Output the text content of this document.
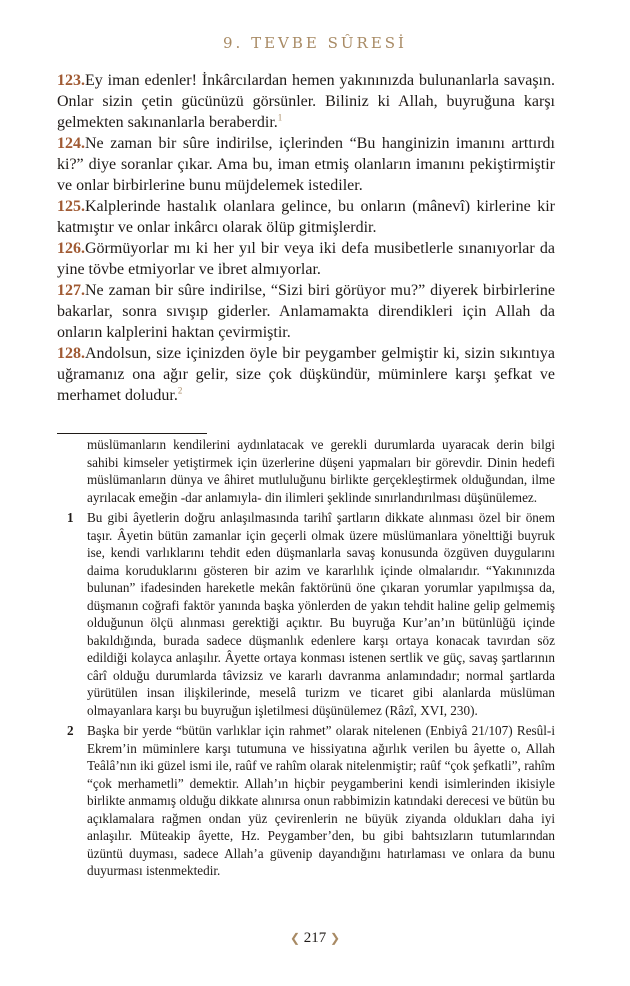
9. TEVBE SÛRESİ

123.Ey iman edenler! İnkârcılardan hemen yakınınızda bulunanlarla savaşın. Onlar sizin çetin gücünüzü görsünler. Biliniz ki Allah, buyruğuna karşı gelmekten sakınanlarla beraberdir.$^1$

124.Ne zaman bir sûre indirilse, içlerinden “Bu hanginizin imanını arttırdı ki?” diye soranlar çıkar. Ama bu, iman etmiş olanların imanını pekiştirmiştir ve onlar birbirlerine bunu müjdelemek istediler.

125.Kalplerinde hastalık olanlara gelince, bu onların (mânevî) kirlerine kir katmıştır ve onlar inkârcı olarak ölüp gitmişlerdir.

126.Görmüyorlar mı ki her yıl bir veya iki defa musibetlerle sınanıyorlar da yine tövbe etmiyorlar ve ibret almıyorlar.

127.Ne zaman bir sûre indirilse, “Sizi biri görüyor mu?” diyerek birbirlerine bakarlar, sonra sıvışıp giderler. Anlamamakta direndikleri için Allah da onların kalplerini haktan çevirmiştir.

128.Andolsun, size içinizden öyle bir peygamber gelmiştir ki, sizin sıkıntıya uğramanız ona ağır gelir, size çok düşkündür, müminlere karşı şefkat ve merhamet doludur.$^2$

müslümanların kendilerini aydınlatacak ve gerekli durumlarda uyaracak derin bilgi sahibi kimseler yetiştirmek için üzerlerine düşeni yapmaları bir görevdir. Dinin hedefi müslümanların dünya ve âhiret mutluluğunu birlikte gerçekleştirmek olduğundan, ilme ayrılacak emeğin -dar anlamıyla- din ilimleri şeklinde sınırlandırılması düşünülemez.

1 Bu gibi âyetlerin doğru anlaşılmasında tarihî şartların dikkate alınması özel bir önem taşır. Âyetin bütün zamanlar için geçerli olmak üzere müslümanlara yönelttiği buyruk ise, kendi varlıklarını tehdit eden düşmanlarla savaş konusunda özgüven duygularını daima koruduklarını gösteren bir azim ve kararlılık içinde olmalarıdır. “Yakınınızda bulunan” ifadesinden hareketle mekân faktörünü öne çıkaran yorumlar yapılmışsa da, düşmanın coğrafi faktör yanında başka yönlerden de yakın tehdit haline gelip gelmemiş olduğunun ölçü alınması gerektiği açıktır. Bu buyruğa Kur’an’ın bütünlüğü içinde bakıldığında, burada sadece düşmanlık edenlere karşı ortaya konacak tavırdan söz edildiği kolayca anlaşılır. Âyette ortaya konması istenen sertlik ve güç, savaş şartlarının cârî olduğu durumlarda tâvizsiz ve kararlı davranma anlamındadır; normal şartlarda yürütülen insan ilişkilerinde, meselâ turizm ve ticaret gibi alanlarda müslüman olmayanlara karşı bu buyruğun işletilmesi düşünülemez (Râzî, XVI, 230).

2 Başka bir yerde “bütün varlıklar için rahmet” olarak nitelenen (Enbiyâ 21/107) Resûl-i Ekrem’in müminlere karşı tutumuna ve hissiyatına ağırlık verilen bu âyette o, Allah Teâlâ’nın iki güzel ismi ile, raûf ve rahîm olarak nitelenmiştir; raûf “çok şefkatli”, rahîm “çok merhametli” demektir. Allah’ın hiçbir peygamberini kendi isimlerinden ikisiyle birlikte anmamış olduğu dikkate alınırsa onun rabbimizin katındaki derecesi ve bütün bu açıklamalara rağmen ondan yüz çevirenlerin ne büyük ziyanda oldukları daha iyi anlaşılır. Müteakip âyette, Hz. Peygamber’den, bu gibi bahtsızların tutumlarından üzüntü duyması, sadece Allah’a güvenip dayandığını hatırlaması ve onlara da bunu duyurması istenmektedir.

❮ 217 ❯
